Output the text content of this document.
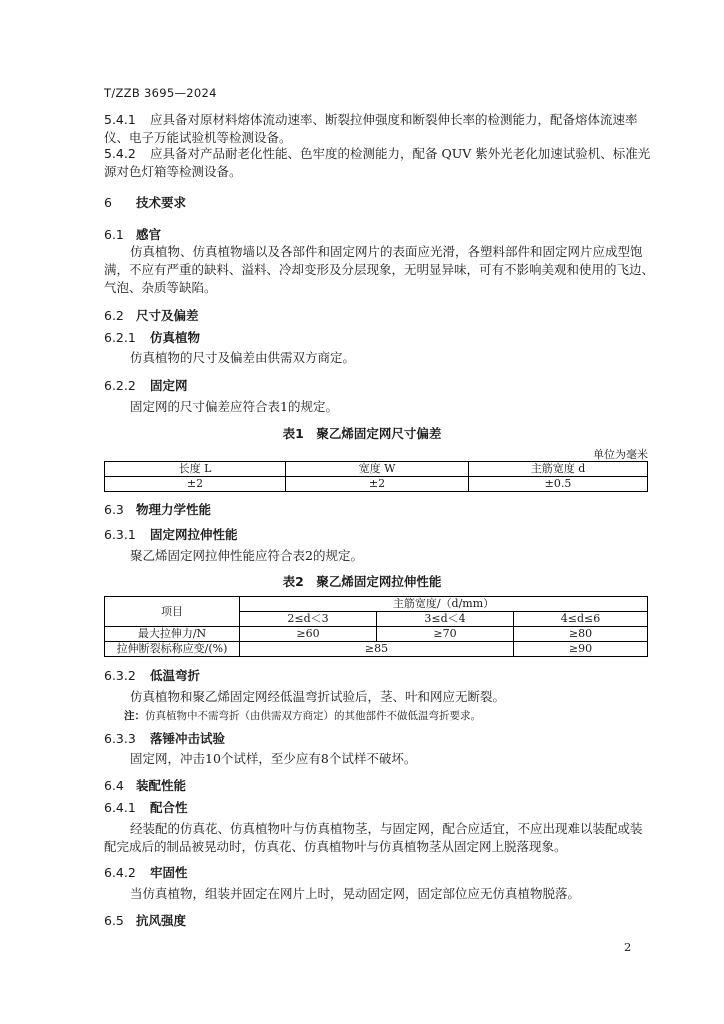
T/ZZB 3695—2024
5.4.1 应具备对原材料熔体流动速率、断裂拉伸强度和断裂伸长率的检测能力，配备熔体流速率
仪、电子万能试验机等检测设备。
5.4.2 应具备对产品耐老化性能、色牢度的检测能力，配备 QUV 紫外光老化加速试验机、标准光
源对色灯箱等检测设备。
6 技术要求
6.1 感官
仿真植物、仿真植物墙以及各部件和固定网片的表面应光滑，各塑料部件和固定网片应成型饱
满，不应有严重的缺料、溢料、冷却变形及分层现象，无明显异味，可有不影响美观和使用的飞边、
气泡、杂质等缺陷。
6.2 尺寸及偏差
6.2.1 仿真植物
仿真植物的尺寸及偏差由供需双方商定。
6.2.2 固定网
固定网的尺寸偏差应符合表1的规定。
表1　聚乙烯固定网尺寸偏差
单位为毫米
长度 L	宽度 W	主筋宽度 d
±2	±2	±0.5
6.3 物理力学性能
6.3.1 固定网拉伸性能
聚乙烯固定网拉伸性能应符合表2的规定。
表2　聚乙烯固定网拉伸性能
项目	主筋宽度/（d/mm）		
	2≤d＜3	3≤d＜4	4≤d≤6
最大拉伸力/N	≥60	≥70	≥80
拉伸断裂标称应变/(%)	≥85		≥90
6.3.2 低温弯折
仿真植物和聚乙烯固定网经低温弯折试验后，茎、叶和网应无断裂。
注：仿真植物中不需弯折（由供需双方商定）的其他部件不做低温弯折要求。
6.3.3 落锤冲击试验
固定网，冲击10个试样，至少应有8个试样不破坏。
6.4 装配性能
6.4.1 配合性
经装配的仿真花、仿真植物叶与仿真植物茎，与固定网，配合应适宜，不应出现难以装配或装
配完成后的制品被晃动时，仿真花、仿真植物叶与仿真植物茎从固定网上脱落现象。
6.4.2 牢固性
当仿真植物，组装并固定在网片上时，晃动固定网，固定部位应无仿真植物脱落。
6.5 抗风强度
2
